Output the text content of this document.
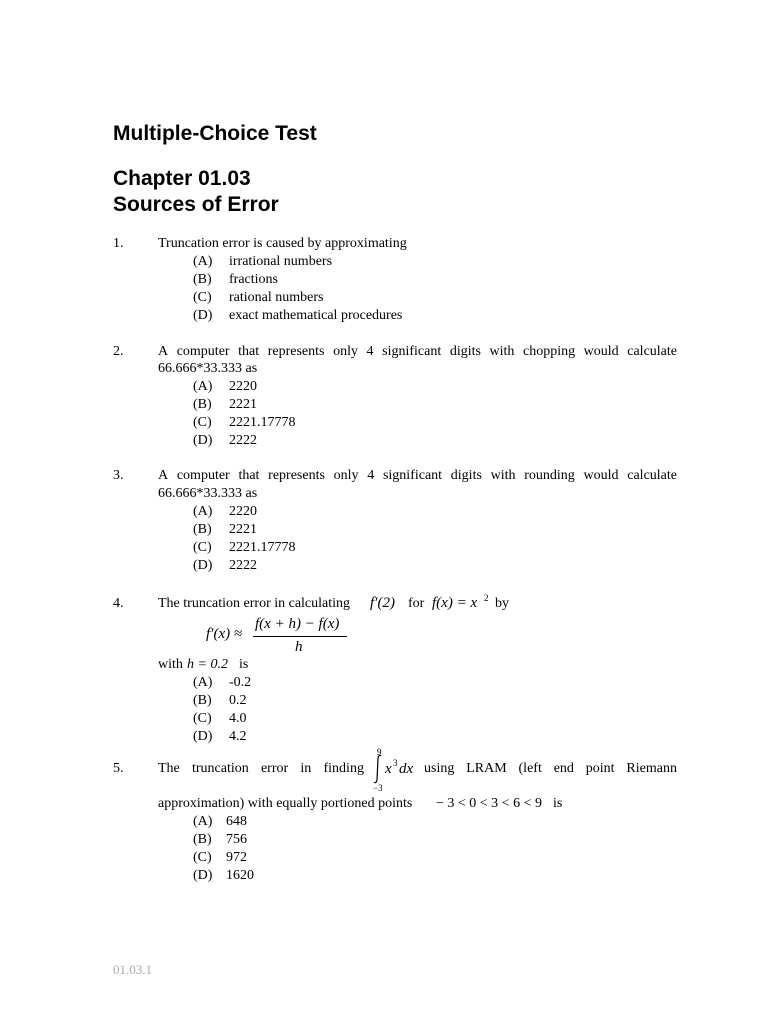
Multiple-Choice Test
Chapter 01.03
Sources of Error
1. Truncation error is caused by approximating
(A) irrational numbers
(B) fractions
(C) rational numbers
(D) exact mathematical procedures
2. A computer that represents only 4 significant digits with chopping would calculate
66.666*33.333 as
(A) 2220
(B) 2221
(C) 2221.17778
(D) 2222
3. A computer that represents only 4 significant digits with rounding would calculate
66.666*33.333 as
(A) 2220
(B) 2221
(C) 2221.17778
(D) 2222
4. The truncation error in calculating f′(2) for f(x) = x 2 by
f′(x) ≈
f(x + h) − f(x)
h
with h = 0.2 is
(A) -0.2
(B) 0.2
(C) 4.0
(D) 4.2
5. The truncation error in finding
9
−3
x 3 dx using LRAM (left end point Riemann
approximation) with equally portioned points − 3 < 0 < 3 < 6 < 9 is
(A) 648
(B) 756
(C) 972
(D) 1620
01.03.1
